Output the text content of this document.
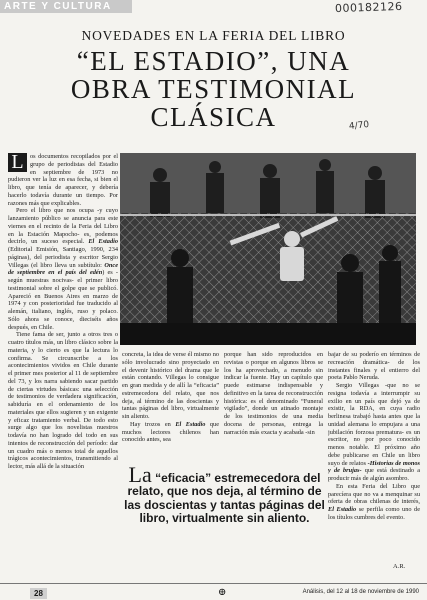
ARTE Y CULTURA	000182126
NOVEDADES EN LA FERIA DEL LIBRO
“EL ESTADIO”, UNA
OBRA TESTIMONIAL
CLÁSICA	4/70

L	os documentos recopilados por el grupo de periodistas del Estadio en septiembre de 1973 no pudieron ver la luz en esa fecha, si bien el libro, que tenía de aparecer, y debería hacerlo todavía durante un tiempo. Por razones más que explicables.

Pero el libro que nos ocupa -y cuyo lanzamiento público se anuncia para este viernes en el recinto de la Feria del Libro en la Estación Mapocho- es, podemos decirlo, un suceso especial. El Estadio (Editorial Emisión, Santiago, 1990, 234 páginas), del periodista y escritor Sergio Villegas (el libro lleva un subtítulo: Once de septiembre en el país del edén) es -según muestras nocivas- el primer libro testimonial sobre el golpe que se publicó. Apareció en Buenos Aires en marzo de 1974 y con posterioridad fue traducido al alemán, italiano, inglés, ruso y polaco. Sólo ahora se conoce, dieciséis años después, en Chile.

Tiene fama de ser, junto a otros tres o cuatro títulos más, un libro clásico sobre la materia, y lo cierto es que la lectura lo confirma. Se circunscribe a los acontecimientos vividos en Chile durante el primer mes posterior al 11 de septiembre del 73, y los narra sabiendo sacar partido de ciertas virtudes básicas: una selección de testimonios de verdadera significación, sabiduría en el ordenamiento de los materiales que ellos sugieren y un exigente y eficaz tratamiento verbal. De todo esto surge algo que los novelistas nuestros todavía no han logrado del todo en sus intentos de reconstrucción del período: dar un cuadro más o menos total de aquellos trágicos acontecimientos, transmitiendo al lector, más allá de la situación

concreta, la idea de verse él mismo no sólo involucrado sino proyectado en el devenir histórico del drama que le están contando. Villegas lo consigue en gran medida y de allí la “eficacia” estremecedora del relato, que nos deja, al término de las doscientas y tantas páginas del libro, virtualmente sin aliento.

Hay trozos en El Estadio que muchos lectores chilenos han conocido antes, sea

porque han sido reproducidos en revistas o porque en algunos libros se los ha aprovechado, a menudo sin indicar la fuente. Hay un capítulo que puede estimarse indispensable y definitivo en la tarea de reconstrucción histórica: es el denominado “Funeral vigilado”, donde un atinado montaje de los testimonios de una media docena de personas, entrega la narración más exacta y acabada -sin

La “eficacia” estremecedora del relato, que nos deja, al término de las doscientas y tantas páginas del libro, virtualmente sin aliento.

bajar de su poderío en términos de recreación dramática- de los instantes finales y el entierro del poeta Pablo Neruda.

Sergio Villegas -que no se resigna todavía a interrumpir su exilio en un país que dejó ya de existir, la RDA, en cuya radio berlinesa trabajó hasta antes que la unidad alemana lo empujara a una jubilación forzosa prematura- es un escritor, no por poco conocido menos notable. El próximo año debe publicarse en Chile un libro suyo de relatos -Historias de monos y de brujas- que está destinado a producir más de algún asombro.

En esta Feria del Libro que parecíera que no va a menquinar su oferta de obras chilenas de interés, El Estadio se perfila como uno de los títulos cumbres del evento.

A.R.
28	⊕	Análisis, del 12 al 18 de noviembre de 1990
